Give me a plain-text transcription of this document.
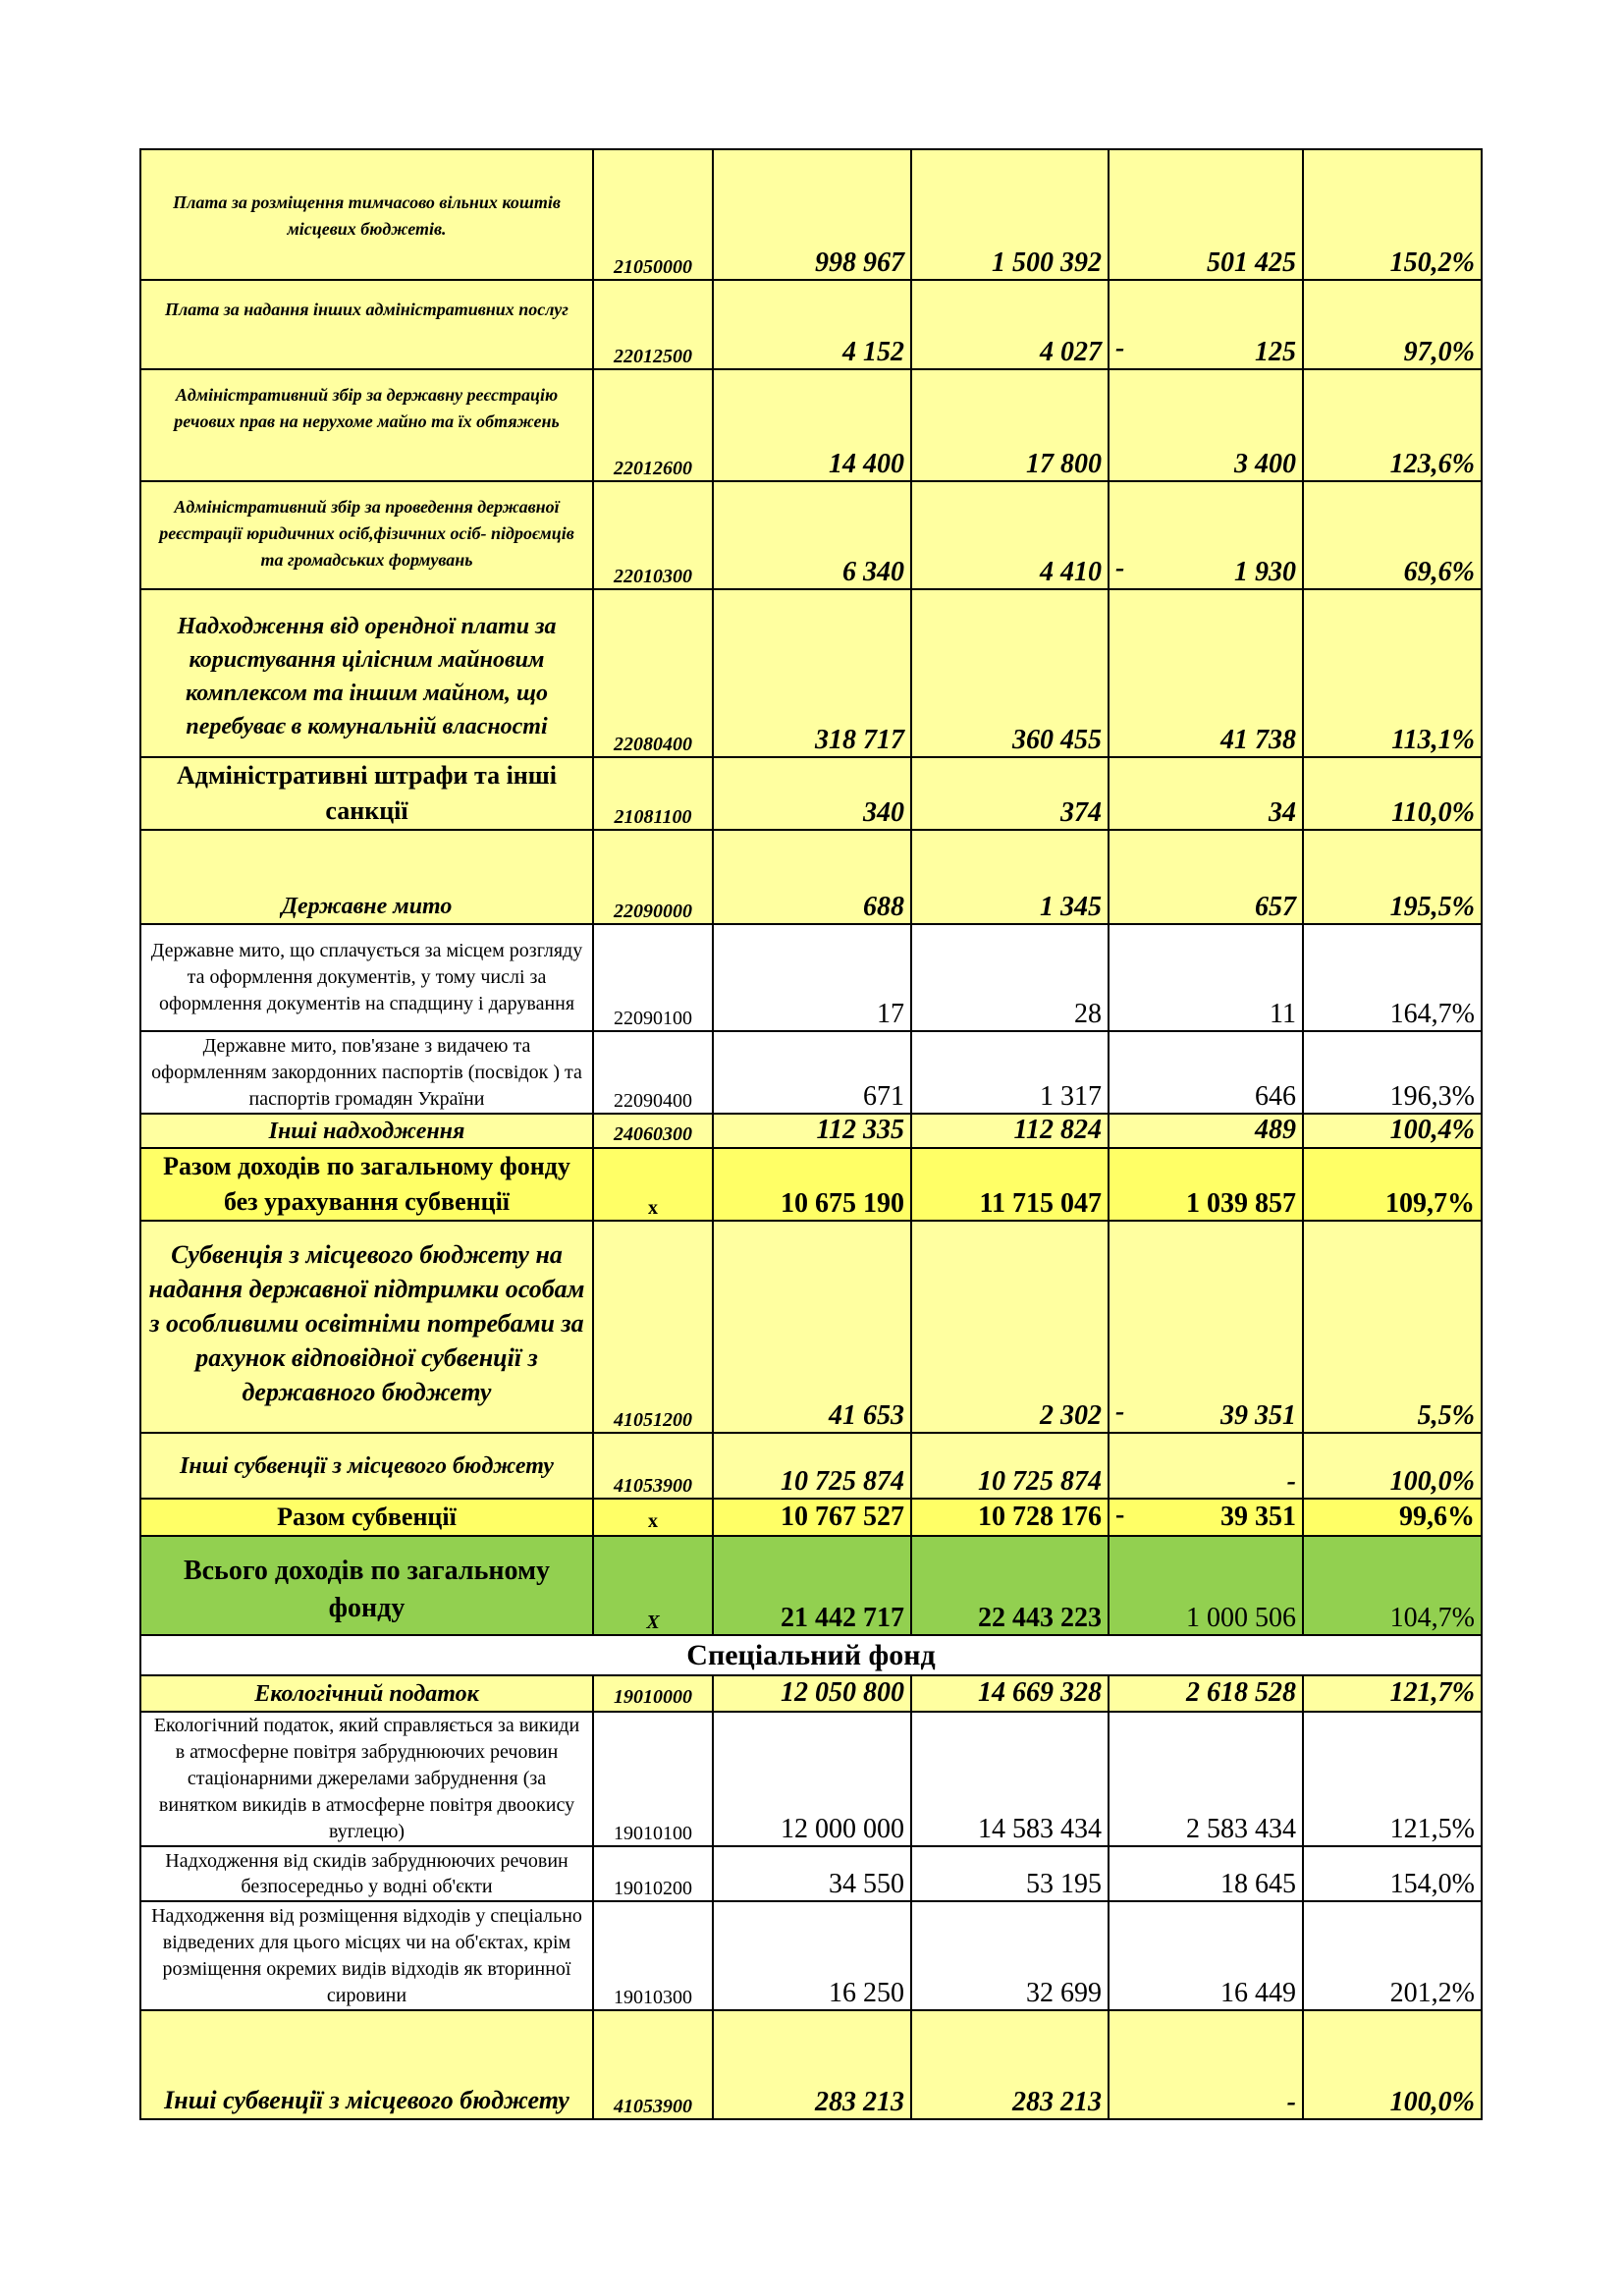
Плата за розміщення тимчасово вільних коштів місцевих бюджетів.	21050000	998 967	1 500 392	501 425	150,2%
Плата за надання інших адміністративних послуг	22012500	4 152	4 027	- 125	97,0%
Адміністративний збір за державну реєстрацію речових прав на нерухоме майно та їх обтяжень	22012600	14 400	17 800	3 400	123,6%
Адміністративний збір за проведення державної реєстрації юридичних осіб,фізичних осіб- підроємців та громадських формувань	22010300	6 340	4 410	- 1 930	69,6%
Надходження від орендної плати за користування цілісним майновим комплексом та іншим майном, що перебуває в комунальній власності	22080400	318 717	360 455	41 738	113,1%
Адміністративні штрафи та інші санкції	21081100	340	374	34	110,0%
Державне мито	22090000	688	1 345	657	195,5%
Державне мито, що сплачується за місцем розгляду та оформлення документів, у тому числі за оформлення документів на спадщину і дарування	22090100	17	28	11	164,7%
Державне мито, пов'язане з видачею та оформленням закордонних паспортів (посвідок ) та паспортів громадян України	22090400	671	1 317	646	196,3%
Інші надходження	24060300	112 335	112 824	489	100,4%
Разом доходів по загальному фонду без урахування субвенції	х	10 675 190	11 715 047	1 039 857	109,7%
Субвенція з місцевого бюджету на надання державної підтримки особам з особливими освітніми потребами за рахунок відповідної субвенції з державного бюджету	41051200	41 653	2 302	- 39 351	5,5%
Інші субвенції з місцевого бюджету	41053900	10 725 874	10 725 874	-	100,0%
Разом субвенції	х	10 767 527	10 728 176	- 39 351	99,6%
Всього доходів по загальному фонду	Х	21 442 717	22 443 223	1 000 506	104,7%
Спеціальний фонд					
Екологічний податок	19010000	12 050 800	14 669 328	2 618 528	121,7%
Екологічний податок, який справляється за викиди в атмосферне повітря забруднюючих речовин стаціонарними джерелами забруднення (за винятком викидів в атмосферне повітря двоокису вуглецю)	19010100	12 000 000	14 583 434	2 583 434	121,5%
Надходження від скидів забруднюючих речовин безпосередньо у водні об'єкти	19010200	34 550	53 195	18 645	154,0%
Надходження від розміщення відходів у спеціально відведених для цього місцях чи на об'єктах, крім розміщення окремих видів відходів як вторинної сировини	19010300	16 250	32 699	16 449	201,2%
Інші субвенції з місцевого бюджету	41053900	283 213	283 213	-	100,0%
